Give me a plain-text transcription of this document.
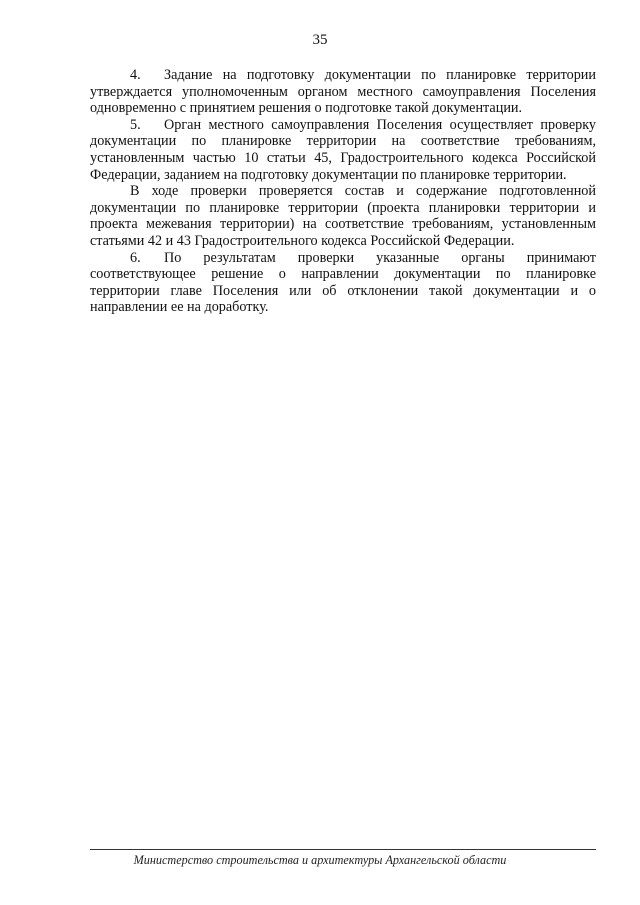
35

4. Задание на подготовку документации по планировке территории утверждается уполномоченным органом местного самоуправления Поселения одновременно с принятием решения о подготовке такой документации.

5. Орган местного самоуправления Поселения осуществляет проверку документации по планировке территории на соответствие требованиям, установленным частью 10 статьи 45, Градостроительного кодекса Российской Федерации, заданием на подготовку документации по планировке территории.

В ходе проверки проверяется состав и содержание подготовленной документации по планировке территории (проекта планировки территории и проекта межевания территории) на соответствие требованиям, установленным статьями 42 и 43 Градостроительного кодекса Российской Федерации.

6. По результатам проверки указанные органы принимают соответствующее решение о направлении документации по планировке территории главе Поселения или об отклонении такой документации и о направлении ее на доработку.

Министерство строительства и архитектуры Архангельской области
